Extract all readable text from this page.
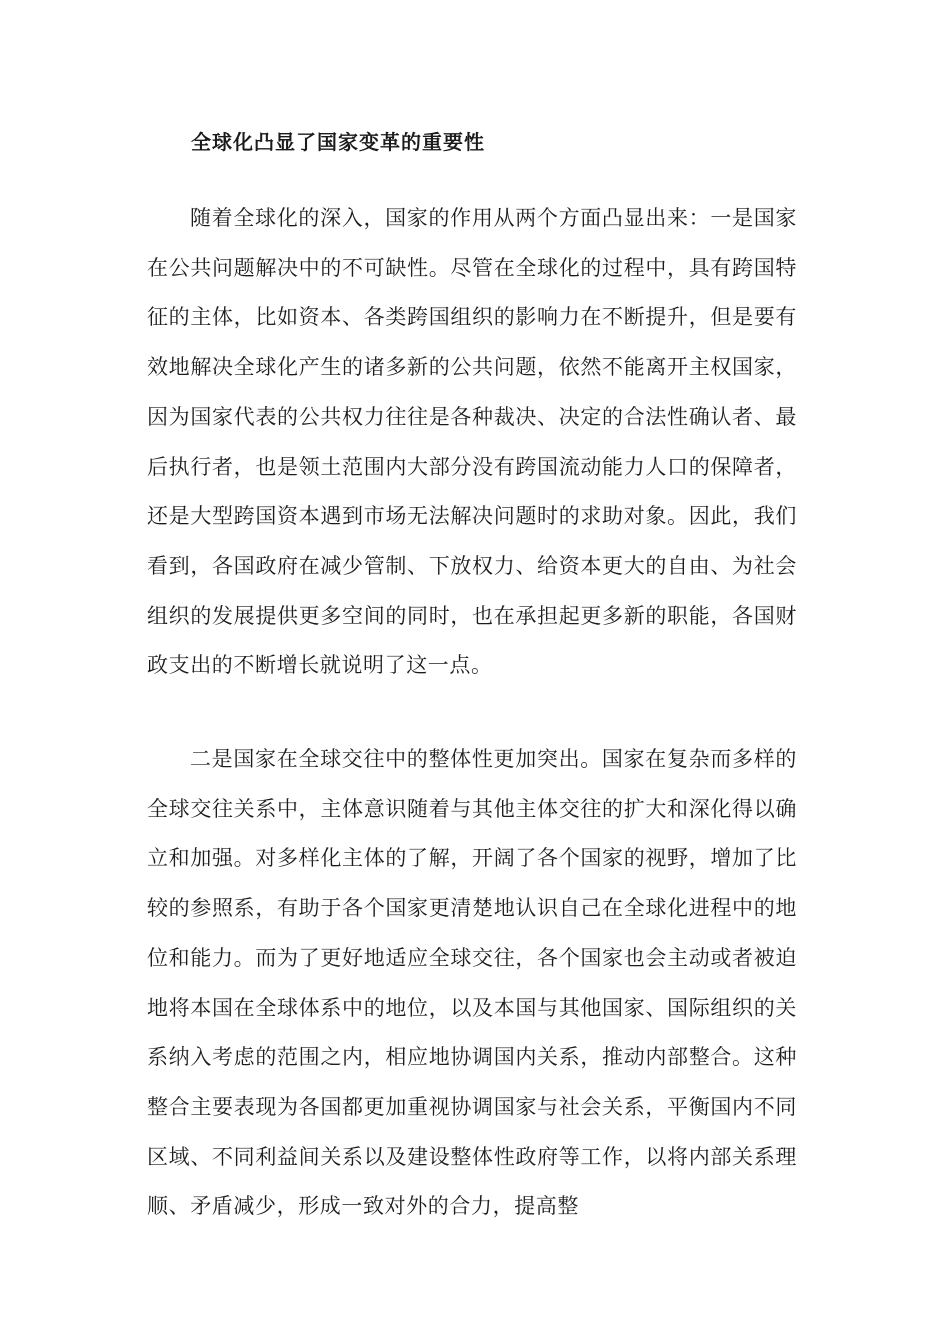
全球化凸显了国家变革的重要性

随着全球化的深入，国家的作用从两个方面凸显出来：一是国家在公共问题解决中的不可缺性。尽管在全球化的过程中，具有跨国特征的主体，比如资本、各类跨国组织的影响力在不断提升，但是要有效地解决全球化产生的诸多新的公共问题，依然不能离开主权国家，因为国家代表的公共权力往往是各种裁决、决定的合法性确认者、最后执行者，也是领土范围内大部分没有跨国流动能力人口的保障者，还是大型跨国资本遇到市场无法解决问题时的求助对象。因此，我们看到，各国政府在减少管制、下放权力、给资本更大的自由、为社会组织的发展提供更多空间的同时，也在承担起更多新的职能，各国财政支出的不断增长就说明了这一点。

二是国家在全球交往中的整体性更加突出。国家在复杂而多样的全球交往关系中，主体意识随着与其他主体交往的扩大和深化得以确立和加强。对多样化主体的了解，开阔了各个国家的视野，增加了比较的参照系，有助于各个国家更清楚地认识自己在全球化进程中的地位和能力。而为了更好地适应全球交往，各个国家也会主动或者被迫地将本国在全球体系中的地位，以及本国与其他国家、国际组织的关系纳入考虑的范围之内，相应地协调国内关系，推动内部整合。这种整合主要表现为各国都更加重视协调国家与社会关系，平衡国内不同区域、不同利益间关系以及建设整体性政府等工作，以将内部关系理顺、矛盾减少，形成一致对外的合力，提高整
